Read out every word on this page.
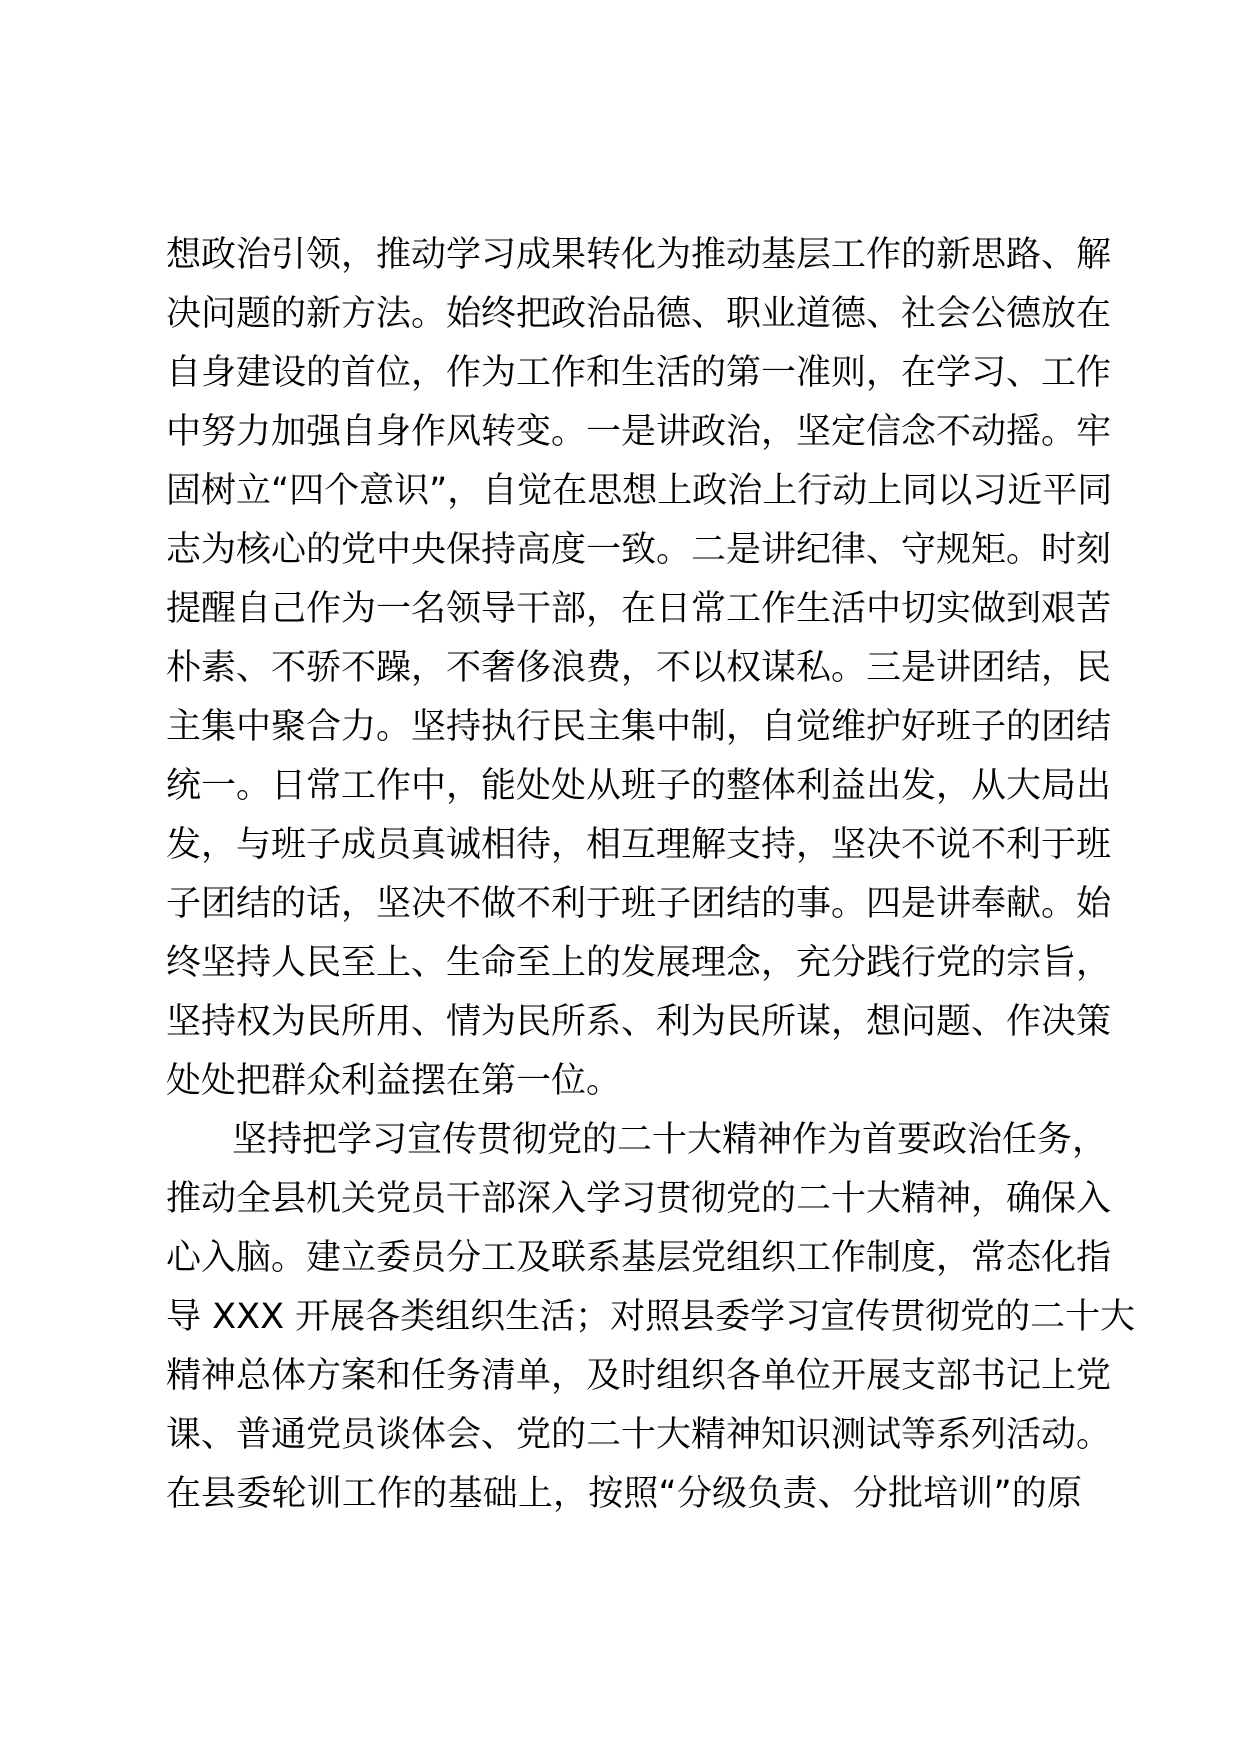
想政治引领，推动学习成果转化为推动基层工作的新思路、解
决问题的新方法。始终把政治品德、职业道德、社会公德放在
自身建设的首位，作为工作和生活的第一准则，在学习、工作
中努力加强自身作风转变。一是讲政治，坚定信念不动摇。牢
固树立“四个意识”，自觉在思想上政治上行动上同以习近平同
志为核心的党中央保持高度一致。二是讲纪律、守规矩。时刻
提醒自己作为一名领导干部，在日常工作生活中切实做到艰苦
朴素、不骄不躁，不奢侈浪费，不以权谋私。三是讲团结，民
主集中聚合力。坚持执行民主集中制，自觉维护好班子的团结
统一。日常工作中，能处处从班子的整体利益出发，从大局出
发，与班子成员真诚相待，相互理解支持，坚决不说不利于班
子团结的话，坚决不做不利于班子团结的事。四是讲奉献。始
终坚持人民至上、生命至上的发展理念，充分践行党的宗旨，
坚持权为民所用、情为民所系、利为民所谋，想问题、作决策
处处把群众利益摆在第一位。
坚持把学习宣传贯彻党的二十大精神作为首要政治任务，
推动全县机关党员干部深入学习贯彻党的二十大精神，确保入
心入脑。建立委员分工及联系基层党组织工作制度，常态化指
导 XXX 开展各类组织生活；对照县委学习宣传贯彻党的二十大
精神总体方案和任务清单，及时组织各单位开展支部书记上党
课、普通党员谈体会、党的二十大精神知识测试等系列活动。
在县委轮训工作的基础上，按照“分级负责、分批培训”的原
